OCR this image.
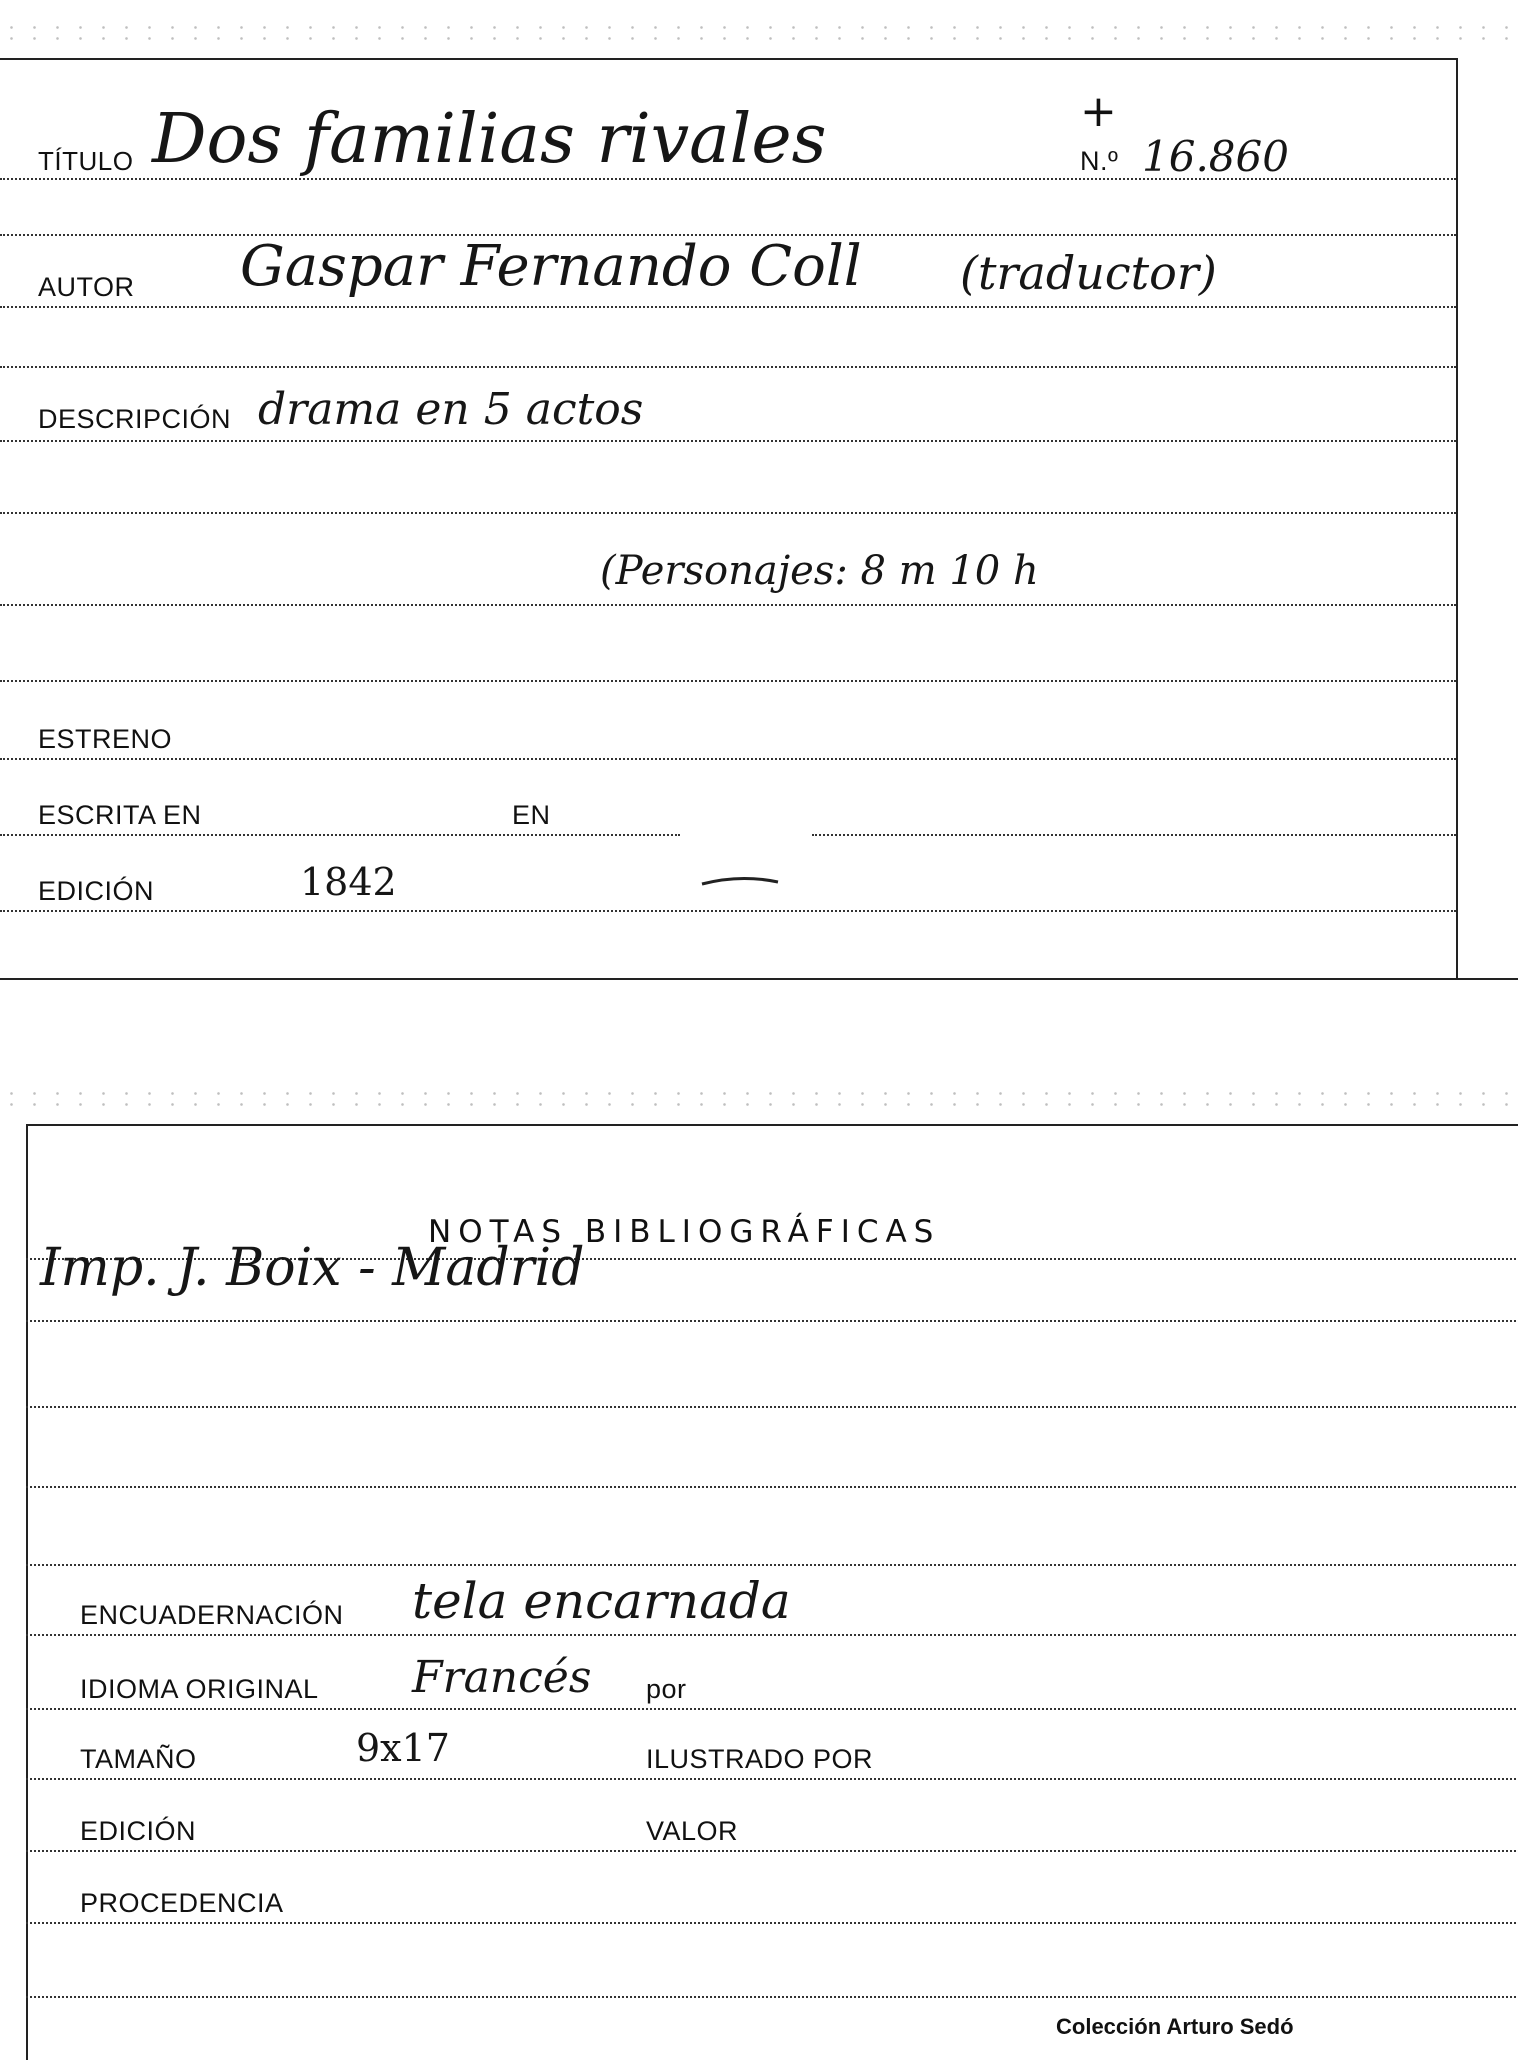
TÍTULO Dos familias rivales	+
N.º 16.860
AUTOR Gaspar Fernando Coll (traductor)
DESCRIPCIÓN drama en 5 actos
(Personajes: 8 m 10 h
ESTRENO
ESCRITA EN	EN
EDICIÓN	1842
NOTAS BIBLIOGRÁFICAS
Imp. J. Boix - Madrid
ENCUADERNACIÓN tela encarnada
IDIOMA ORIGINAL Francés por
TAMAÑO	9x17	ILUSTRADO POR
EDICIÓN	VALOR
PROCEDENCIA
Colección Arturo Sedó
